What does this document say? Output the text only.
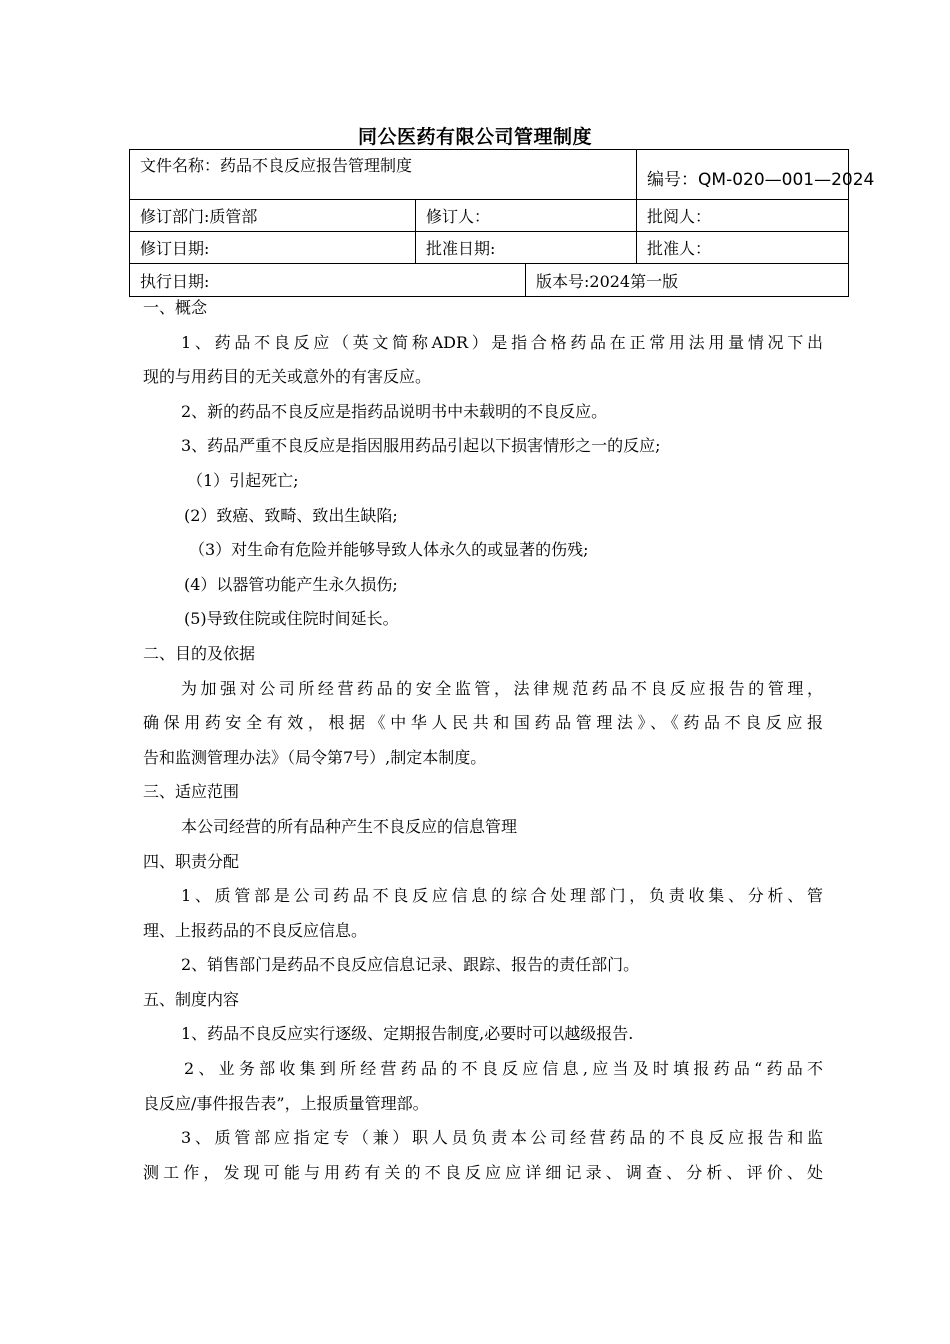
同公医药有限公司管理制度
文件名称：药品不良反应报告管理制度			编号：QM-020—001—2024
修订部门:质管部	修订人：		批阅人：
修订日期:	批准日期:		批准人：
执行日期:		版本号:2024第一版	
一、概念
1、药品不良反应（英文简称ADR）是指合格药品在正常用法用量情况下出
现的与用药目的无关或意外的有害反应。
2、新的药品不良反应是指药品说明书中未载明的不良反应。
3、药品严重不良反应是指因服用药品引起以下损害情形之一的反应;
（1）引起死亡;
(2）致癌、致畸、致出生缺陷;
（3）对生命有危险并能够导致人体永久的或显著的伤残;
(4）以器管功能产生永久损伤;
(5)导致住院或住院时间延长。
二、目的及依据
为加强对公司所经营药品的安全监管，法律规范药品不良反应报告的管理，
确保用药安全有效，根据《中华人民共和国药品管理法》、《药品不良反应报
告和监测管理办法》（局令第7号）,制定本制度。
三、适应范围
本公司经营的所有品种产生不良反应的信息管理
四、职责分配
1、质管部是公司药品不良反应信息的综合处理部门，负责收集、分析、管
理、上报药品的不良反应信息。
2、销售部门是药品不良反应信息记录、跟踪、报告的责任部门。
五、制度内容
1、药品不良反应实行逐级、定期报告制度,必要时可以越级报告.
2、业务部收集到所经营药品的不良反应信息,应当及时填报药品“药品不
良反应/事件报告表”，上报质量管理部。
3、质管部应指定专（兼）职人员负责本公司经营药品的不良反应报告和监
测工作，发现可能与用药有关的不良反应应详细记录、调查、分析、评价、处
